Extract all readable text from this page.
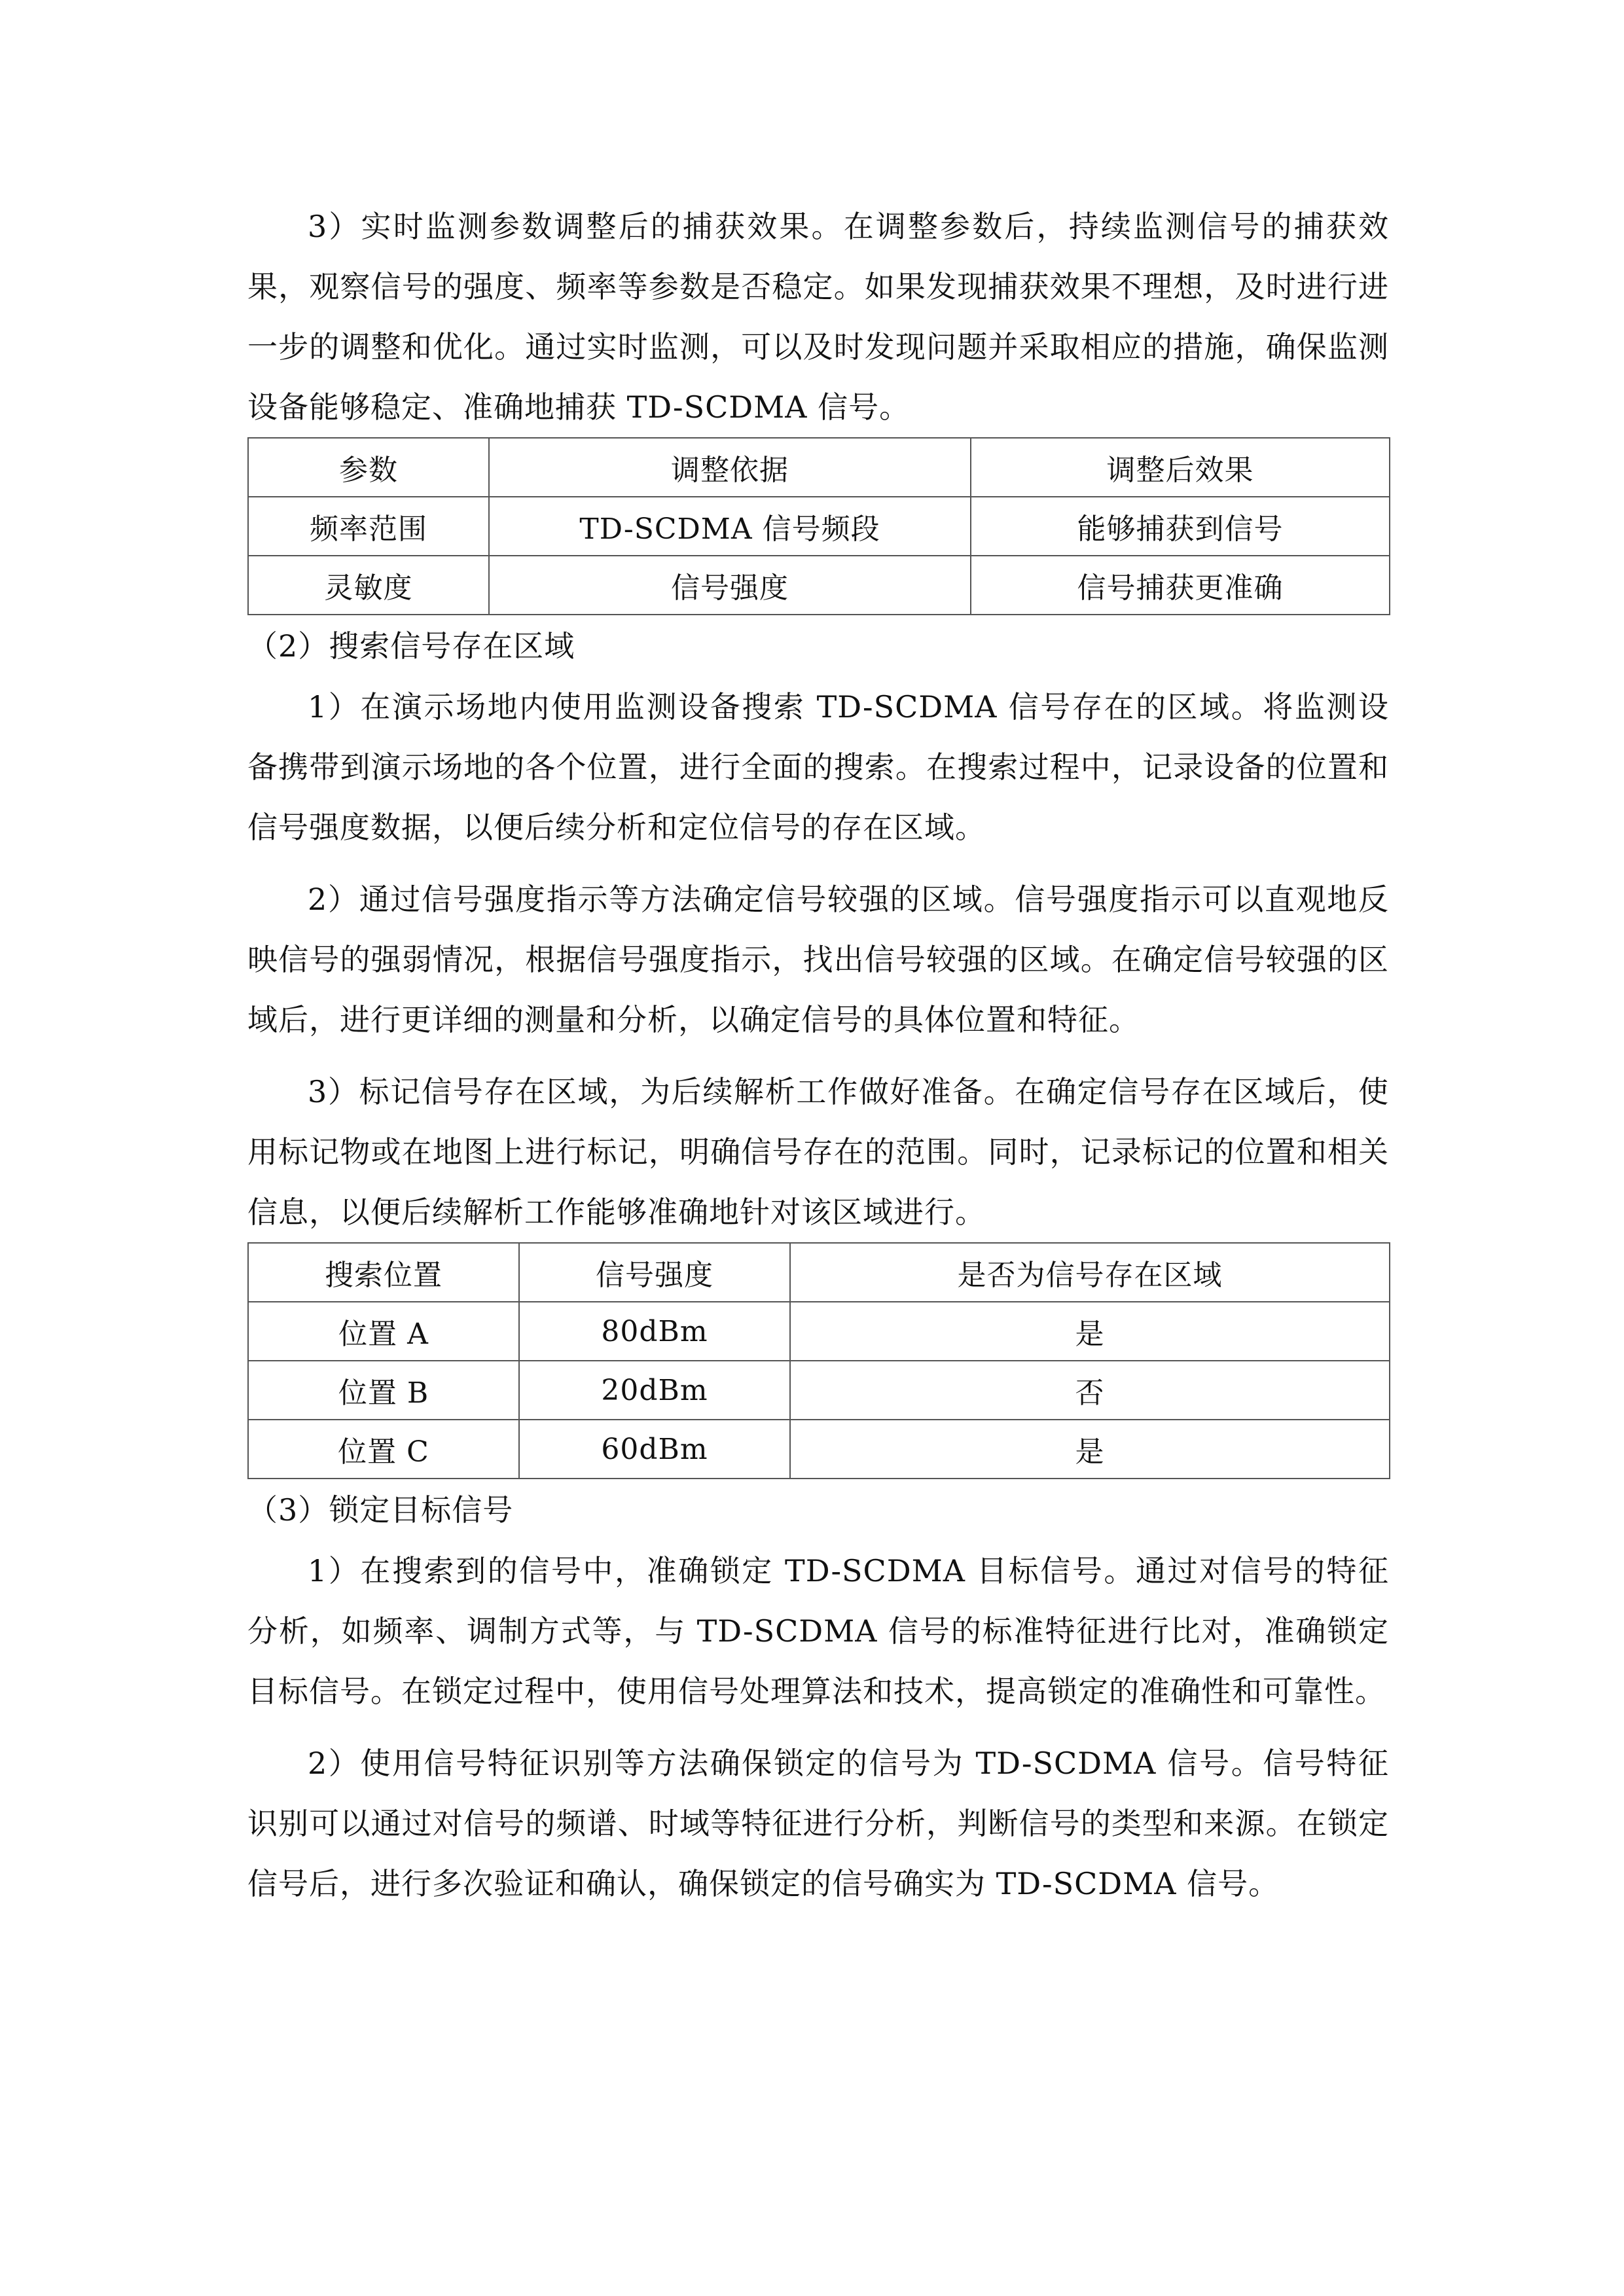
3）实时监测参数调整后的捕获效果。在调整参数后，持续监测信号的捕获效果，观察信号的强度、频率等参数是否稳定。如果发现捕获效果不理想，及时进行进一步的调整和优化。通过实时监测，可以及时发现问题并采取相应的措施，确保监测设备能够稳定、准确地捕获 TD-SCDMA 信号。

参数	调整依据	调整后效果
频率范围	TD-SCDMA 信号频段	能够捕获到信号
灵敏度	信号强度	信号捕获更准确

（2）搜索信号存在区域

1）在演示场地内使用监测设备搜索 TD-SCDMA 信号存在的区域。将监测设备携带到演示场地的各个位置，进行全面的搜索。在搜索过程中，记录设备的位置和信号强度数据，以便后续分析和定位信号的存在区域。

2）通过信号强度指示等方法确定信号较强的区域。信号强度指示可以直观地反映信号的强弱情况，根据信号强度指示，找出信号较强的区域。在确定信号较强的区域后，进行更详细的测量和分析，以确定信号的具体位置和特征。

3）标记信号存在区域，为后续解析工作做好准备。在确定信号存在区域后，使用标记物或在地图上进行标记，明确信号存在的范围。同时，记录标记的位置和相关信息，以便后续解析工作能够准确地针对该区域进行。

搜索位置	信号强度	是否为信号存在区域
位置 A	80dBm	是
位置 B	20dBm	否
位置 C	60dBm	是

（3）锁定目标信号

1）在搜索到的信号中，准确锁定 TD-SCDMA 目标信号。通过对信号的特征分析，如频率、调制方式等，与 TD-SCDMA 信号的标准特征进行比对，准确锁定目标信号。在锁定过程中，使用信号处理算法和技术，提高锁定的准确性和可靠性。

2）使用信号特征识别等方法确保锁定的信号为 TD-SCDMA 信号。信号特征识别可以通过对信号的频谱、时域等特征进行分析，判断信号的类型和来源。在锁定信号后，进行多次验证和确认，确保锁定的信号确实为 TD-SCDMA 信号。
